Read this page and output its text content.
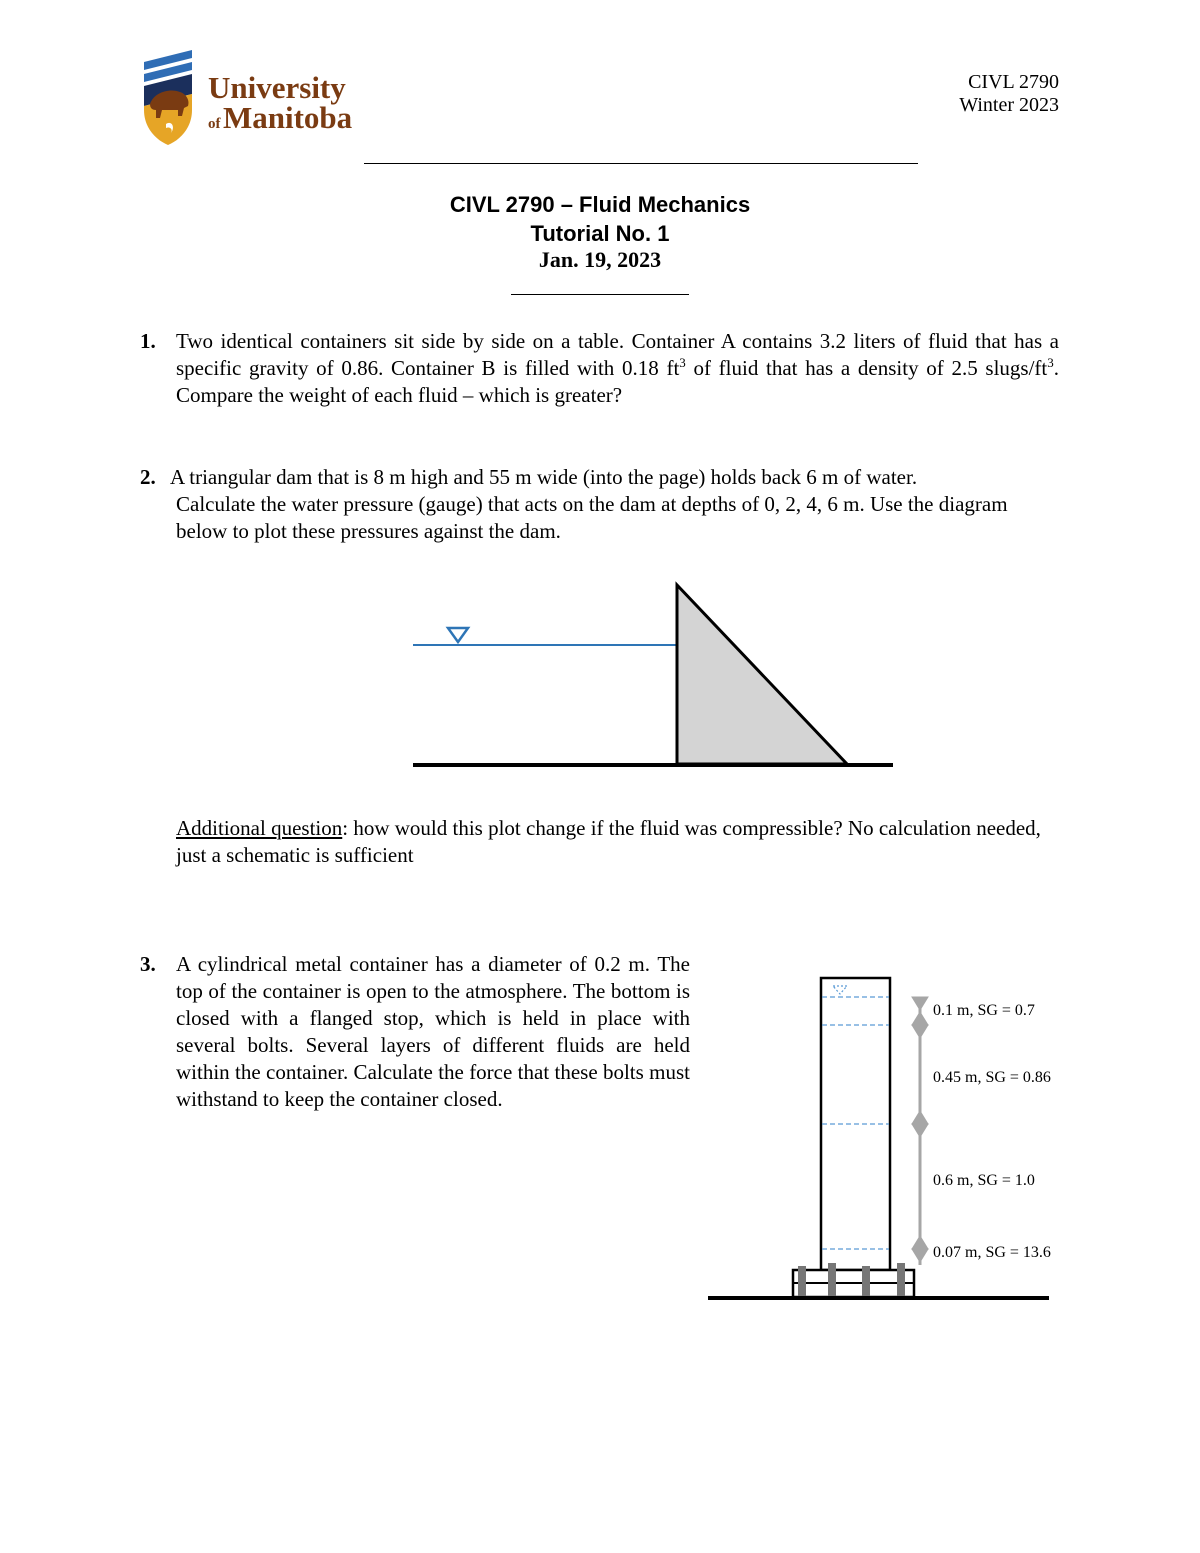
University
of Manitoba
CIVL 2790
Winter 2023
CIVL 2790 – Fluid Mechanics
Tutorial No. 1
Jan. 19, 2023
1. Two identical containers sit side by side on a table. Container A contains 3.2 liters of fluid that has a specific gravity of 0.86. Container B is filled with 0.18 $ft^3$ of fluid that has a density of 2.5 slugs/$ft^3$. Compare the weight of each fluid – which is greater?
2. A triangular dam that is 8 m high and 55 m wide (into the page) holds back 6 m of water.
Calculate the water pressure (gauge) that acts on the dam at depths of 0, 2, 4, 6 m. Use the diagram below to plot these pressures against the dam.
Additional question: how would this plot change if the fluid was compressible? No calculation needed, just a schematic is sufficient
3. A cylindrical metal container has a diameter of 0.2 m. The top of the container is open to the atmosphere. The bottom is closed with a flanged stop, which is held in place with several bolts. Several layers of different fluids are held within the container. Calculate the force that these bolts must withstand to keep the container closed.
0.1 m, SG = 0.7
0.45 m, SG = 0.86
0.6 m, SG = 1.0
0.07 m, SG = 13.6
